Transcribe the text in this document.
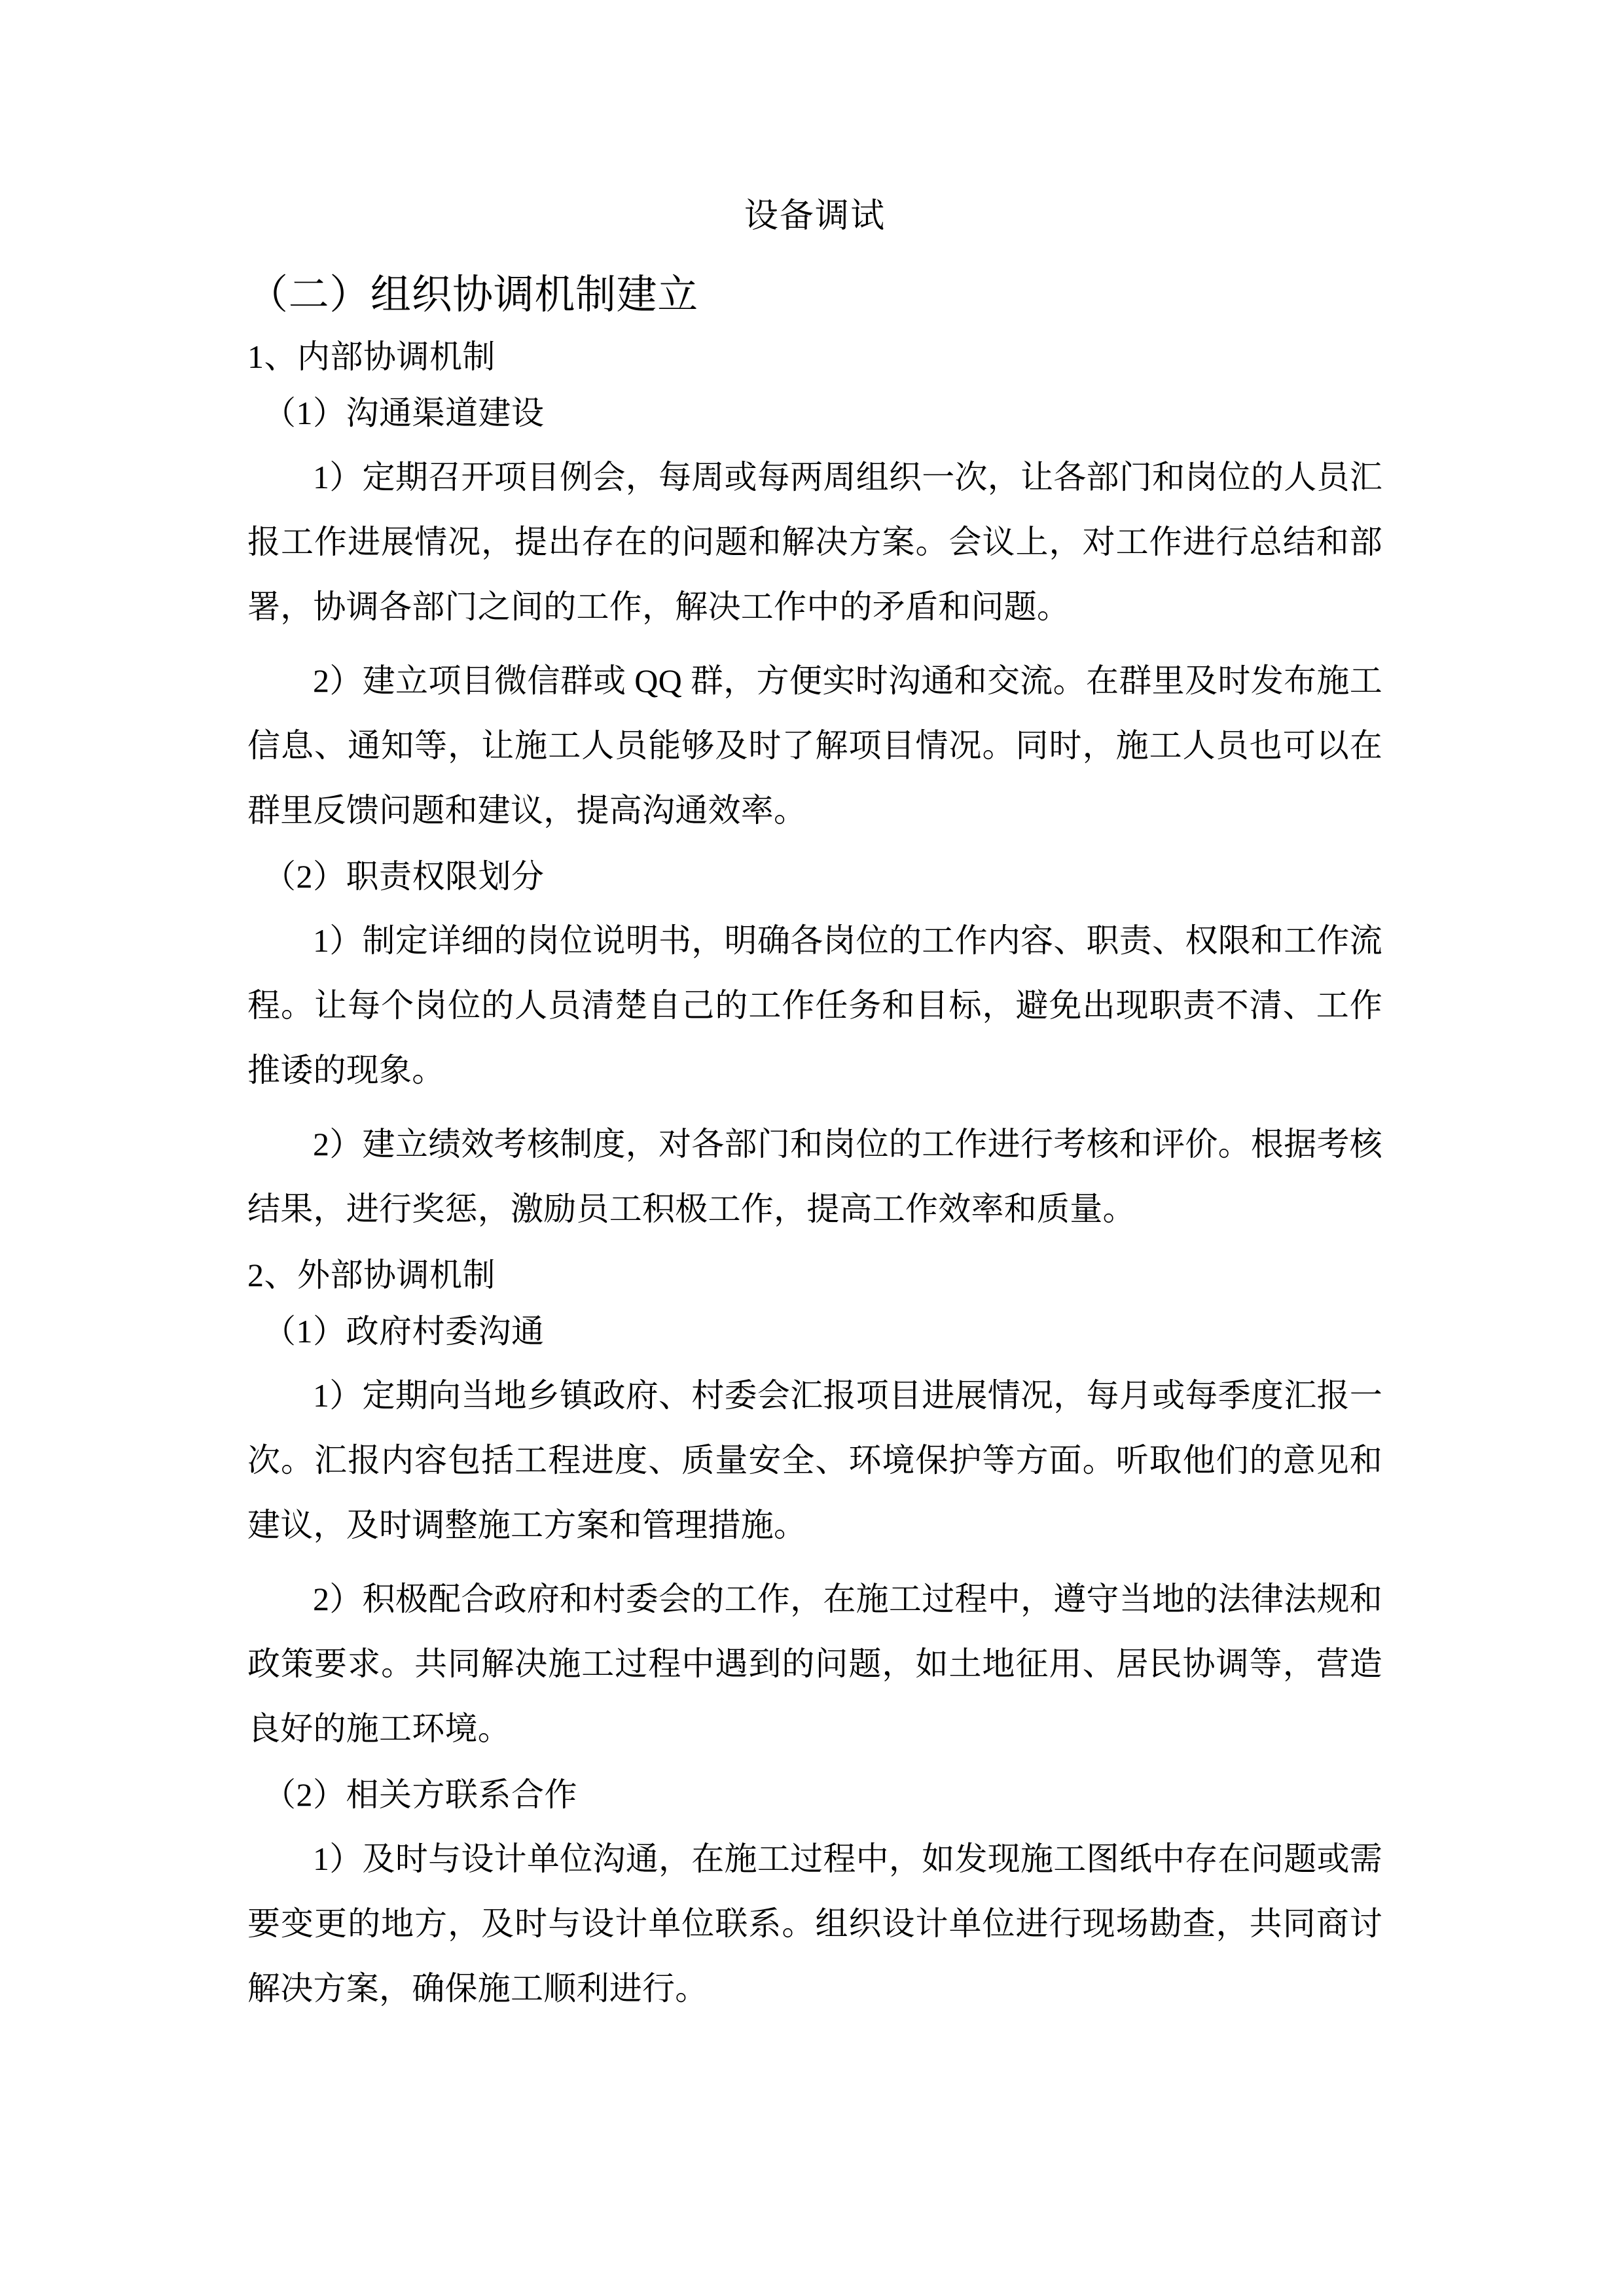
设备调试
（二）组织协调机制建立
1、内部协调机制
（1）沟通渠道建设

1）定期召开项目例会，每周或每两周组织一次，让各部门和岗位的人员汇报工作进展情况，提出存在的问题和解决方案。会议上，对工作进行总结和部署，协调各部门之间的工作，解决工作中的矛盾和问题。

2）建立项目微信群或 QQ 群，方便实时沟通和交流。在群里及时发布施工信息、通知等，让施工人员能够及时了解项目情况。同时，施工人员也可以在群里反馈问题和建议，提高沟通效率。

（2）职责权限划分

1）制定详细的岗位说明书，明确各岗位的工作内容、职责、权限和工作流程。让每个岗位的人员清楚自己的工作任务和目标，避免出现职责不清、工作推诿的现象。

2）建立绩效考核制度，对各部门和岗位的工作进行考核和评价。根据考核结果，进行奖惩，激励员工积极工作，提高工作效率和质量。

2、外部协调机制
（1）政府村委沟通

1）定期向当地乡镇政府、村委会汇报项目进展情况，每月或每季度汇报一次。汇报内容包括工程进度、质量安全、环境保护等方面。听取他们的意见和建议，及时调整施工方案和管理措施。

2）积极配合政府和村委会的工作，在施工过程中，遵守当地的法律法规和政策要求。共同解决施工过程中遇到的问题，如土地征用、居民协调等，营造良好的施工环境。

（2）相关方联系合作

1）及时与设计单位沟通，在施工过程中，如发现施工图纸中存在问题或需要变更的地方，及时与设计单位联系。组织设计单位进行现场勘查，共同商讨解决方案，确保施工顺利进行。
